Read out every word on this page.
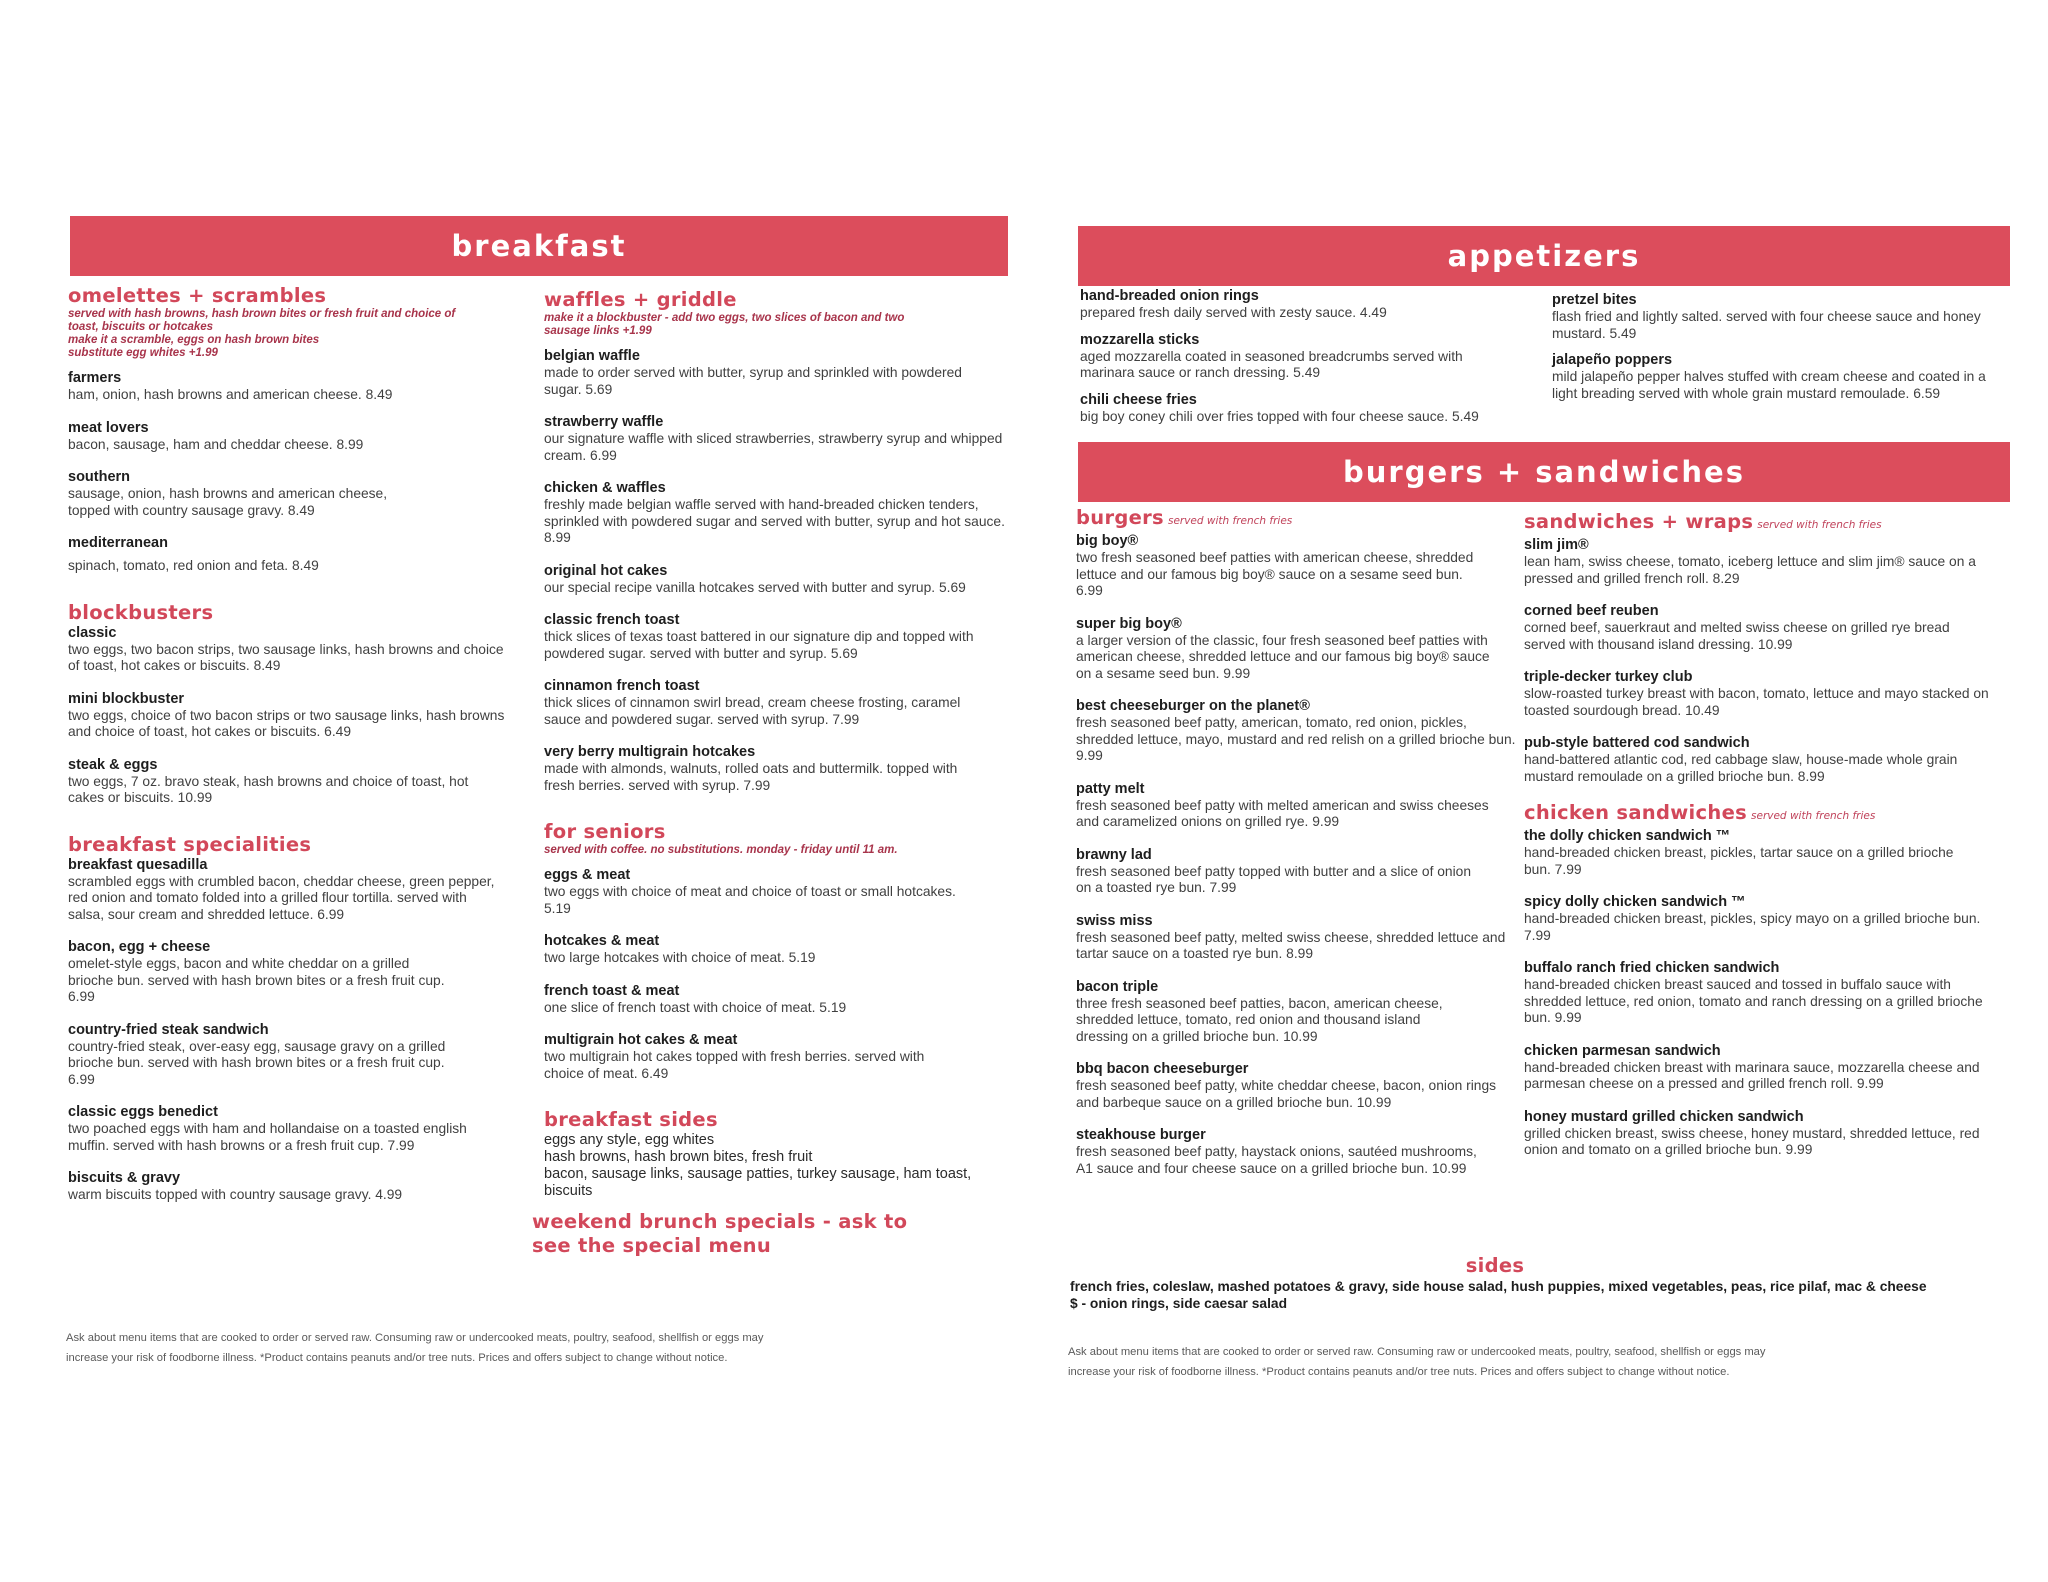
breakfast
omelettes + scrambles
served with hash browns, hash brown bites or fresh fruit and choice of toast, biscuits or hotcakes
make it a scramble, eggs on hash brown bites
substitute egg whites +1.99
farmers
ham, onion, hash browns and american cheese. 8.49
meat lovers
bacon, sausage, ham and cheddar cheese. 8.99
southern
sausage, onion, hash browns and american cheese, topped with country sausage gravy. 8.49
mediterranean
spinach, tomato, red onion and feta. 8.49
blockbusters
classic
two eggs, two bacon strips, two sausage links, hash browns and choice of toast, hot cakes or biscuits. 8.49
mini blockbuster
two eggs, choice of two bacon strips or two sausage links, hash browns and choice of toast, hot cakes or biscuits. 6.49
steak & eggs
two eggs, 7 oz. bravo steak, hash browns and choice of toast, hot cakes or biscuits. 10.99
breakfast specialities
breakfast quesadilla
scrambled eggs with crumbled bacon, cheddar cheese, green pepper, red onion and tomato folded into a grilled flour tortilla. served with salsa, sour cream and shredded lettuce. 6.99
bacon, egg + cheese
omelet-style eggs, bacon and white cheddar on a grilled brioche bun. served with hash brown bites or a fresh fruit cup. 6.99
country-fried steak sandwich
country-fried steak, over-easy egg, sausage gravy on a grilled brioche bun. served with hash brown bites or a fresh fruit cup. 6.99
classic eggs benedict
two poached eggs with ham and hollandaise on a toasted english muffin. served with hash browns or a fresh fruit cup. 7.99
biscuits & gravy
warm biscuits topped with country sausage gravy. 4.99
waffles + griddle
make it a blockbuster - add two eggs, two slices of bacon and two sausage links +1.99
belgian waffle
made to order served with butter, syrup and sprinkled with powdered sugar. 5.69
strawberry waffle
our signature waffle with sliced strawberries, strawberry syrup and whipped cream. 6.99
chicken & waffles
freshly made belgian waffle served with hand-breaded chicken tenders, sprinkled with powdered sugar and served with butter, syrup and hot sauce. 8.99
original hot cakes
our special recipe vanilla hotcakes served with butter and syrup. 5.69
classic french toast
thick slices of texas toast battered in our signature dip and topped with powdered sugar. served with butter and syrup. 5.69
cinnamon french toast
thick slices of cinnamon swirl bread, cream cheese frosting, caramel sauce and powdered sugar. served with syrup. 7.99
very berry multigrain hotcakes
made with almonds, walnuts, rolled oats and buttermilk. topped with fresh berries. served with syrup. 7.99
for seniors
served with coffee. no substitutions. monday - friday until 11 am.
eggs & meat
two eggs with choice of meat and choice of toast or small hotcakes. 5.19
hotcakes & meat
two large hotcakes with choice of meat. 5.19
french toast & meat
one slice of french toast with choice of meat. 5.19
multigrain hot cakes & meat
two multigrain hot cakes topped with fresh berries. served with choice of meat. 6.49
breakfast sides
eggs any style, egg whites
hash browns, hash brown bites, fresh fruit
bacon, sausage links, sausage patties, turkey sausage, ham toast, biscuits
weekend brunch specials - ask to see the special menu
Ask about menu items that are cooked to order or served raw. Consuming raw or undercooked meats, poultry, seafood, shellfish or eggs may
increase your risk of foodborne illness. *Product contains peanuts and/or tree nuts. Prices and offers subject to change without notice.
appetizers
hand-breaded onion rings
prepared fresh daily served with zesty sauce. 4.49
mozzarella sticks
aged mozzarella coated in seasoned breadcrumbs served with marinara sauce or ranch dressing. 5.49
chili cheese fries
big boy coney chili over fries topped with four cheese sauce. 5.49
pretzel bites
flash fried and lightly salted. served with four cheese sauce and honey mustard. 5.49
jalapeño poppers
mild jalapeño pepper halves stuffed with cream cheese and coated in a light breading served with whole grain mustard remoulade. 6.59
burgers + sandwiches
burgers served with french fries
big boy®
two fresh seasoned beef patties with american cheese, shredded lettuce and our famous big boy® sauce on a sesame seed bun. 6.99
super big boy®
a larger version of the classic, four fresh seasoned beef patties with american cheese, shredded lettuce and our famous big boy® sauce on a sesame seed bun. 9.99
best cheeseburger on the planet®
fresh seasoned beef patty, american, tomato, red onion, pickles, shredded lettuce, mayo, mustard and red relish on a grilled brioche bun. 9.99
patty melt
fresh seasoned beef patty with melted american and swiss cheeses and caramelized onions on grilled rye. 9.99
brawny lad
fresh seasoned beef patty topped with butter and a slice of onion on a toasted rye bun. 7.99
swiss miss
fresh seasoned beef patty, melted swiss cheese, shredded lettuce and tartar sauce on a toasted rye bun. 8.99
bacon triple
three fresh seasoned beef patties, bacon, american cheese, shredded lettuce, tomato, red onion and thousand island dressing on a grilled brioche bun. 10.99
bbq bacon cheeseburger
fresh seasoned beef patty, white cheddar cheese, bacon, onion rings and barbeque sauce on a grilled brioche bun. 10.99
steakhouse burger
fresh seasoned beef patty, haystack onions, sautéed mushrooms, A1 sauce and four cheese sauce on a grilled brioche bun. 10.99
sandwiches + wraps served with french fries
slim jim®
lean ham, swiss cheese, tomato, iceberg lettuce and slim jim® sauce on a pressed and grilled french roll. 8.29
corned beef reuben
corned beef, sauerkraut and melted swiss cheese on grilled rye bread served with thousand island dressing. 10.99
triple-decker turkey club
slow-roasted turkey breast with bacon, tomato, lettuce and mayo stacked on toasted sourdough bread. 10.49
pub-style battered cod sandwich
hand-battered atlantic cod, red cabbage slaw, house-made whole grain mustard remoulade on a grilled brioche bun. 8.99
chicken sandwiches served with french fries
the dolly chicken sandwich ™
hand-breaded chicken breast, pickles, tartar sauce on a grilled brioche bun. 7.99
spicy dolly chicken sandwich ™
hand-breaded chicken breast, pickles, spicy mayo on a grilled brioche bun. 7.99
buffalo ranch fried chicken sandwich
hand-breaded chicken breast sauced and tossed in buffalo sauce with shredded lettuce, red onion, tomato and ranch dressing on a grilled brioche bun. 9.99
chicken parmesan sandwich
hand-breaded chicken breast with marinara sauce, mozzarella cheese and parmesan cheese on a pressed and grilled french roll. 9.99
honey mustard grilled chicken sandwich
grilled chicken breast, swiss cheese, honey mustard, shredded lettuce, red onion and tomato on a grilled brioche bun. 9.99
sides
french fries, coleslaw, mashed potatoes & gravy, side house salad, hush puppies, mixed vegetables, peas, rice pilaf, mac & cheese
$ - onion rings, side caesar salad
Ask about menu items that are cooked to order or served raw. Consuming raw or undercooked meats, poultry, seafood, shellfish or eggs may
increase your risk of foodborne illness. *Product contains peanuts and/or tree nuts. Prices and offers subject to change without notice.
